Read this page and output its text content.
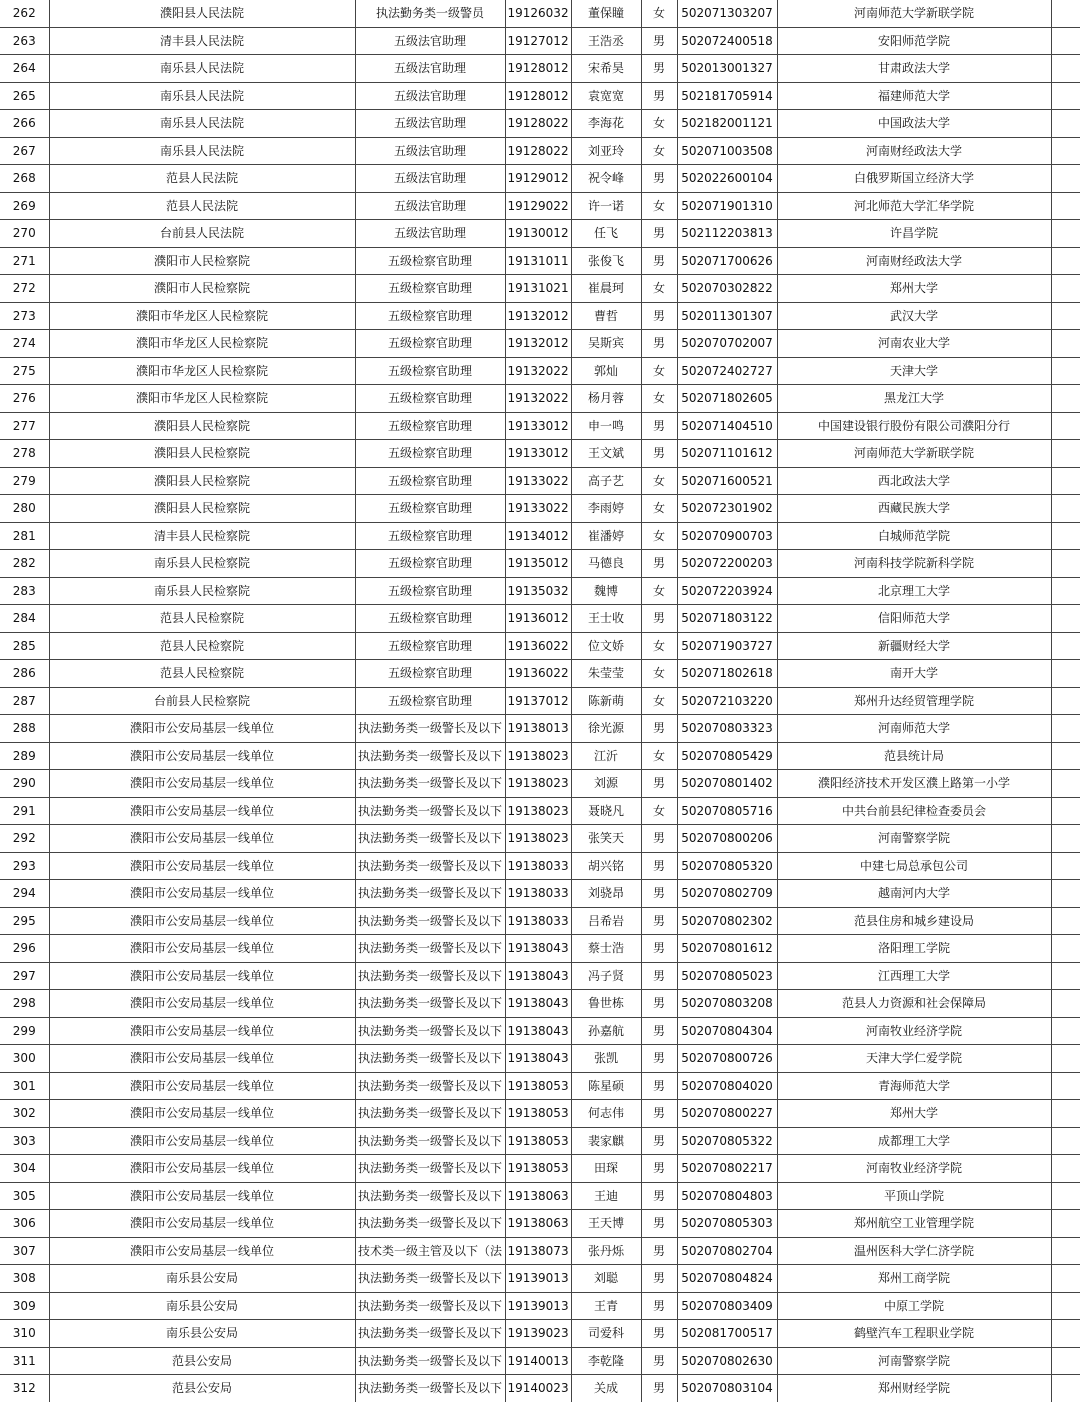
262	濮阳县人民法院	执法勤务类一级警员	19126032	董保瞳	女	502071303207	河南师范大学新联学院	
263	清丰县人民法院	五级法官助理	19127012	王浩丞	男	502072400518	安阳师范学院	
264	南乐县人民法院	五级法官助理	19128012	宋希昊	男	502013001327	甘肃政法大学	
265	南乐县人民法院	五级法官助理	19128012	袁宽宽	男	502181705914	福建师范大学	
266	南乐县人民法院	五级法官助理	19128022	李海花	女	502182001121	中国政法大学	
267	南乐县人民法院	五级法官助理	19128022	刘亚玲	女	502071003508	河南财经政法大学	
268	范县人民法院	五级法官助理	19129012	祝令峰	男	502022600104	白俄罗斯国立经济大学	
269	范县人民法院	五级法官助理	19129022	许一诺	女	502071901310	河北师范大学汇华学院	
270	台前县人民法院	五级法官助理	19130012	任飞	男	502112203813	许昌学院	
271	濮阳市人民检察院	五级检察官助理	19131011	张俊飞	男	502071700626	河南财经政法大学	
272	濮阳市人民检察院	五级检察官助理	19131021	崔晨珂	女	502070302822	郑州大学	
273	濮阳市华龙区人民检察院	五级检察官助理	19132012	曹哲	男	502011301307	武汉大学	
274	濮阳市华龙区人民检察院	五级检察官助理	19132012	吴斯宾	男	502070702007	河南农业大学	
275	濮阳市华龙区人民检察院	五级检察官助理	19132022	郭灿	女	502072402727	天津大学	
276	濮阳市华龙区人民检察院	五级检察官助理	19132022	杨月蓉	女	502071802605	黑龙江大学	
277	濮阳县人民检察院	五级检察官助理	19133012	申一鸣	男	502071404510	中国建设银行股份有限公司濮阳分行	
278	濮阳县人民检察院	五级检察官助理	19133012	王文斌	男	502071101612	河南师范大学新联学院	
279	濮阳县人民检察院	五级检察官助理	19133022	高子艺	女	502071600521	西北政法大学	
280	濮阳县人民检察院	五级检察官助理	19133022	李雨婷	女	502072301902	西藏民族大学	
281	清丰县人民检察院	五级检察官助理	19134012	崔潘婷	女	502070900703	白城师范学院	
282	南乐县人民检察院	五级检察官助理	19135012	马德良	男	502072200203	河南科技学院新科学院	
283	南乐县人民检察院	五级检察官助理	19135032	魏博	女	502072203924	北京理工大学	
284	范县人民检察院	五级检察官助理	19136012	王士收	男	502071803122	信阳师范大学	
285	范县人民检察院	五级检察官助理	19136022	位文娇	女	502071903727	新疆财经大学	
286	范县人民检察院	五级检察官助理	19136022	朱莹莹	女	502071802618	南开大学	
287	台前县人民检察院	五级检察官助理	19137012	陈新萌	女	502072103220	郑州升达经贸管理学院	
288	濮阳市公安局基层一线单位	执法勤务类一级警长及以下	19138013	徐光源	男	502070803323	河南师范大学	
289	濮阳市公安局基层一线单位	执法勤务类一级警长及以下	19138023	江沂	女	502070805429	范县统计局	
290	濮阳市公安局基层一线单位	执法勤务类一级警长及以下	19138023	刘源	男	502070801402	濮阳经济技术开发区濮上路第一小学	
291	濮阳市公安局基层一线单位	执法勤务类一级警长及以下	19138023	聂晓凡	女	502070805716	中共台前县纪律检查委员会	
292	濮阳市公安局基层一线单位	执法勤务类一级警长及以下	19138023	张笑天	男	502070800206	河南警察学院	
293	濮阳市公安局基层一线单位	执法勤务类一级警长及以下	19138033	胡兴铭	男	502070805320	中建七局总承包公司	
294	濮阳市公安局基层一线单位	执法勤务类一级警长及以下	19138033	刘骁昂	男	502070802709	越南河内大学	
295	濮阳市公安局基层一线单位	执法勤务类一级警长及以下	19138033	吕希岩	男	502070802302	范县住房和城乡建设局	
296	濮阳市公安局基层一线单位	执法勤务类一级警长及以下	19138043	蔡士浩	男	502070801612	洛阳理工学院	
297	濮阳市公安局基层一线单位	执法勤务类一级警长及以下	19138043	冯子贤	男	502070805023	江西理工大学	
298	濮阳市公安局基层一线单位	执法勤务类一级警长及以下	19138043	鲁世栋	男	502070803208	范县人力资源和社会保障局	
299	濮阳市公安局基层一线单位	执法勤务类一级警长及以下	19138043	孙嘉航	男	502070804304	河南牧业经济学院	
300	濮阳市公安局基层一线单位	执法勤务类一级警长及以下	19138043	张凯	男	502070800726	天津大学仁爱学院	
301	濮阳市公安局基层一线单位	执法勤务类一级警长及以下	19138053	陈星硕	男	502070804020	青海师范大学	
302	濮阳市公安局基层一线单位	执法勤务类一级警长及以下	19138053	何志伟	男	502070800227	郑州大学	
303	濮阳市公安局基层一线单位	执法勤务类一级警长及以下	19138053	裴家麒	男	502070805322	成都理工大学	
304	濮阳市公安局基层一线单位	执法勤务类一级警长及以下	19138053	田琛	男	502070802217	河南牧业经济学院	
305	濮阳市公安局基层一线单位	执法勤务类一级警长及以下	19138063	王迪	男	502070804803	平顶山学院	
306	濮阳市公安局基层一线单位	执法勤务类一级警长及以下	19138063	王天博	男	502070805303	郑州航空工业管理学院	
307	濮阳市公安局基层一线单位	技术类一级主管及以下（法	19138073	张丹烁	男	502070802704	温州医科大学仁济学院	
308	南乐县公安局	执法勤务类一级警长及以下	19139013	刘聪	男	502070804824	郑州工商学院	
309	南乐县公安局	执法勤务类一级警长及以下	19139013	王青	男	502070803409	中原工学院	
310	南乐县公安局	执法勤务类一级警长及以下	19139023	司爱科	男	502081700517	鹤壁汽车工程职业学院	
311	范县公安局	执法勤务类一级警长及以下	19140013	李乾隆	男	502070802630	河南警察学院	
312	范县公安局	执法勤务类一级警长及以下	19140023	关成	男	502070803104	郑州财经学院	
